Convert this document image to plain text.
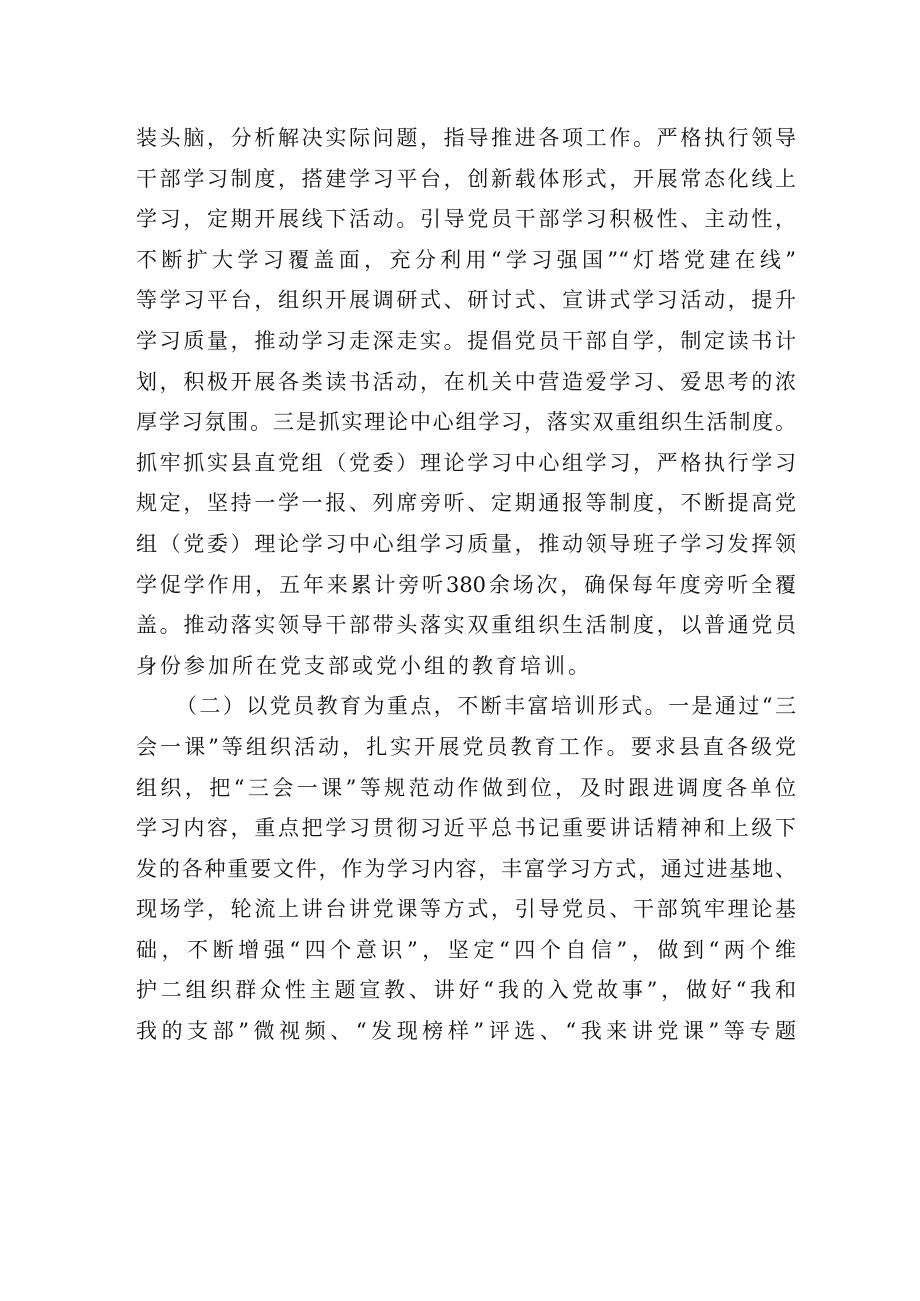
装头脑，分析解决实际问题，指导推进各项工作。严格执行领导
干部学习制度，搭建学习平台，创新载体形式，开展常态化线上
学习，定期开展线下活动。引导党员干部学习积极性、主动性，
不断扩大学习覆盖面，充分利用“学习强国”“灯塔党建在线”
等学习平台，组织开展调研式、研讨式、宣讲式学习活动，提升
学习质量，推动学习走深走实。提倡党员干部自学，制定读书计
划，积极开展各类读书活动，在机关中营造爱学习、爱思考的浓
厚学习氛围。三是抓实理论中心组学习，落实双重组织生活制度。
抓牢抓实县直党组（党委）理论学习中心组学习，严格执行学习
规定，坚持一学一报、列席旁听、定期通报等制度，不断提高党
组（党委）理论学习中心组学习质量，推动领导班子学习发挥领
学促学作用，五年来累计旁听380余场次，确保每年度旁听全覆
盖。推动落实领导干部带头落实双重组织生活制度，以普通党员
身份参加所在党支部或党小组的教育培训。
（二）以党员教育为重点，不断丰富培训形式。一是通过“三
会一课”等组织活动，扎实开展党员教育工作。要求县直各级党
组织，把“三会一课”等规范动作做到位，及时跟进调度各单位
学习内容，重点把学习贯彻习近平总书记重要讲话精神和上级下
发的各种重要文件，作为学习内容，丰富学习方式，通过进基地、
现场学，轮流上讲台讲党课等方式，引导党员、干部筑牢理论基
础，不断增强“四个意识”，坚定“四个自信”，做到“两个维
护二组织群众性主题宣教、讲好“我的入党故事”，做好“我和
我的支部”微视频、“发现榜样”评选、“我来讲党课”等专题
